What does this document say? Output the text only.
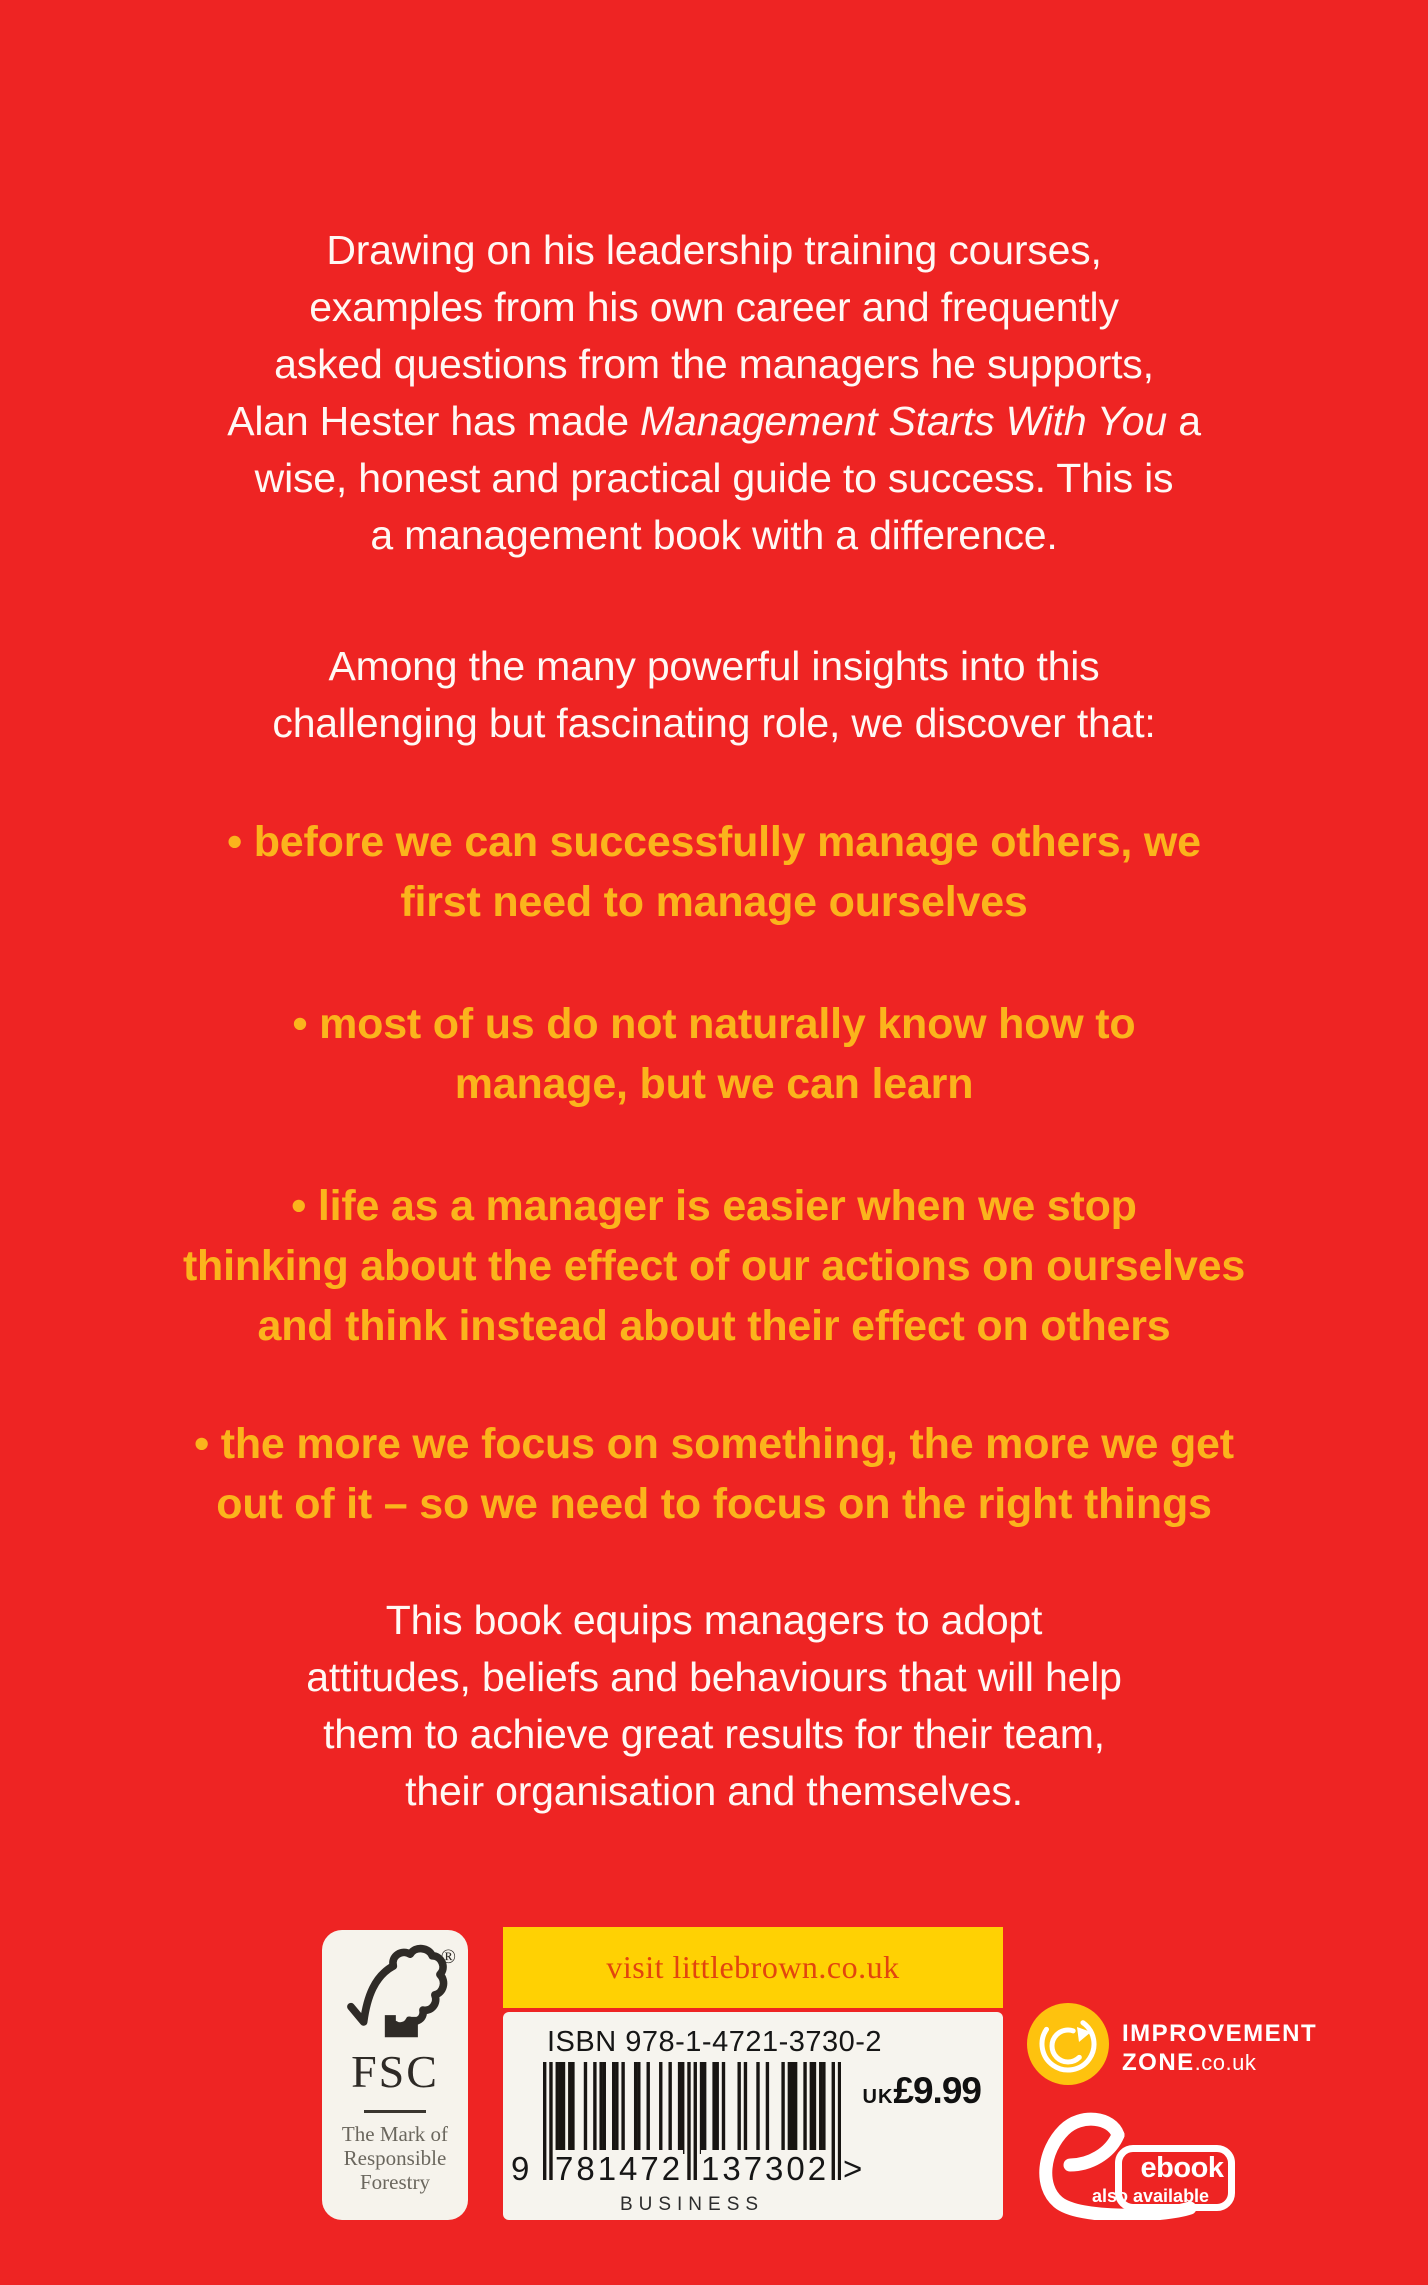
Drawing on his leadership training courses,
examples from his own career and frequently
asked questions from the managers he supports,
Alan Hester has made Management Starts With You a
wise, honest and practical guide to success. This is
a management book with a difference.
Among the many powerful insights into this
challenging but fascinating role, we discover that:
• before we can successfully manage others, we
first need to manage ourselves
• most of us do not naturally know how to
manage, but we can learn
• life as a manager is easier when we stop
thinking about the effect of our actions on ourselves
and think instead about their effect on others
• the more we focus on something, the more we get
out of it – so we need to focus on the right things
This book equips managers to adopt
attitudes, beliefs and behaviours that will help
them to achieve great results for their team,
their organisation and themselves.
®
FSC
The Mark of
Responsible
Forestry
visit littlebrown.co.uk
ISBN 978-1-4721-3730-2
9 781472 137302 >
UK £9.99
BUSINESS
IMPROVEMENT
ZONE.co.uk
ebook
also available
